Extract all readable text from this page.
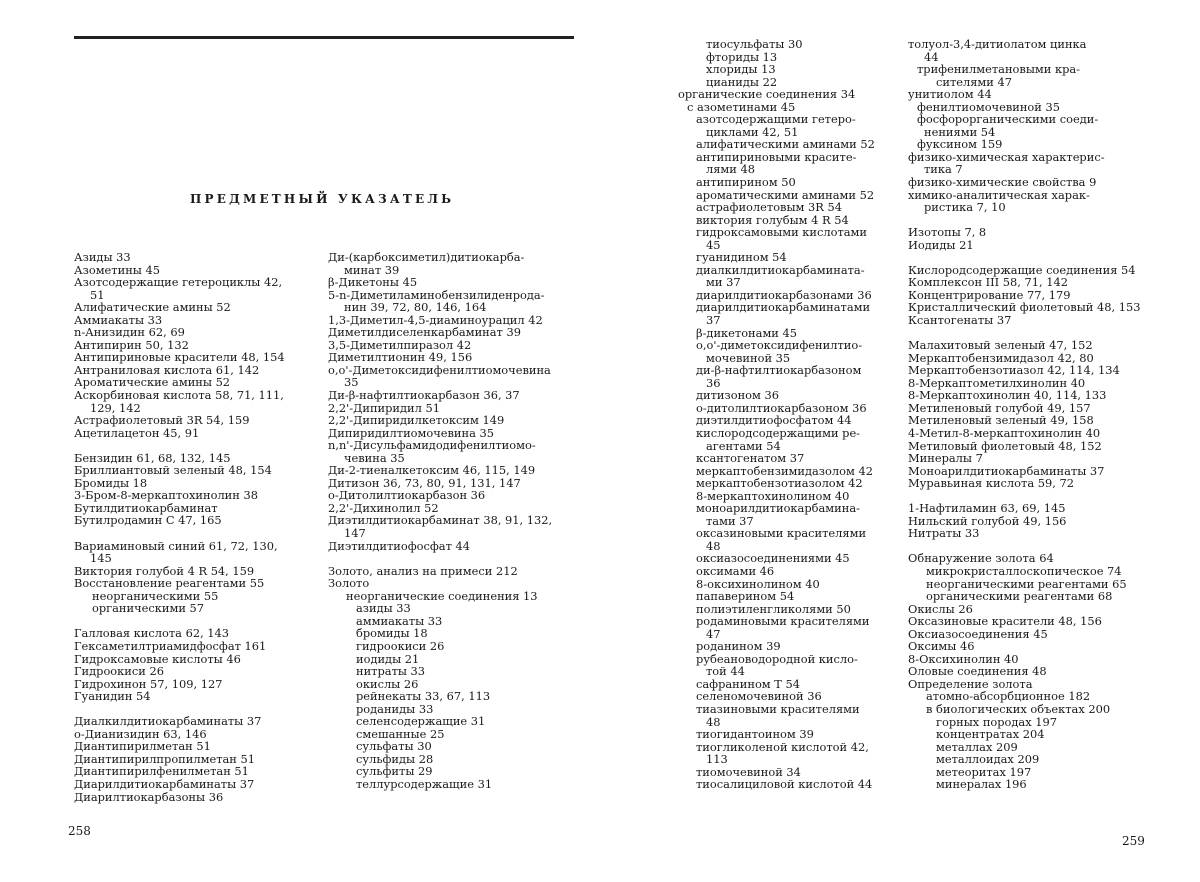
ПРЕДМЕТНЫЙ УКАЗАТЕЛЬ
Азиды 33
Азометины 45
Азотсодержащие гетероциклы 42,
51
Алифатические амины 52
Аммиакаты 33
n-Анизидин 62, 69
Антипирин 50, 132
Антипириновые красители 48, 154
Антраниловая кислота 61, 142
Ароматические амины 52
Аскорбиновая кислота 58, 71, 111,
129, 142
Астрафиолетовый 3R 54, 159
Ацетилацетон 45, 91
Бензидин 61, 68, 132, 145
Бриллиантовый зеленый 48, 154
Бромиды 18
3-Бром-8-меркаптохинолин 38
Бутилдитиокарбаминат
Бутилродамин С 47, 165
Вариаминовый синий 61, 72, 130,
145
Виктория голубой 4 R 54, 159
Восстановление реагентами 55
неорганическими 55
органическими 57
Галловая кислота 62, 143
Гексаметилтриамидфосфат 161
Гидроксамовые кислоты 46
Гидроокиси 26
Гидрохинон 57, 109, 127
Гуанидин 54
Диалкилдитиокарбаминаты 37
o-Дианизидин 63, 146
Диантипирилметан 51
Диантипирилпропилметан 51
Диантипирилфенилметан 51
Диарилдитиокарбаминаты 37
Диарилтиокарбазоны 36
Ди-(карбоксиметил)дитиокарба-
минат 39
β-Дикетоны 45
5-n-Диметиламинобензилиденрода-
нин 39, 72, 80, 146, 164
1,3-Диметил-4,5-диаминоурацил 42
Диметилдиселенкарбаминат 39
3,5-Диметилпиразол 42
Диметилтионин 49, 156
o,o'-Диметоксидифенилтиомочевина
35
Ди-β-нафтилтиокарбазон 36, 37
2,2'-Дипиридил 51
2,2'-Дипиридилкетоксим 149
Дипиридилтиомочевина 35
n,n'-Дисульфамидодифенилтиомо-
чевина 35
Ди-2-тиеналкетоксим 46, 115, 149
Дитизон 36, 73, 80, 91, 131, 147
o-Дитолилтиокарбазон 36
2,2'-Дихинолил 52
Диэтилдитиокарбаминат 38, 91, 132,
147
Диэтилдитиофосфат 44
Золото, анализ на примеси 212
Золото
неорганические соединения 13
азиды 33
аммиакаты 33
бромиды 18
гидроокиси 26
иодиды 21
нитраты 33
окислы 26
рейнекаты 33, 67, 113
роданиды 33
селенсодержащие 31
смешанные 25
сульфаты 30
сульфиды 28
сульфиты 29
теллурсодержащие 31
258
тиосульфаты 30
фториды 13
хлориды 13
цианиды 22
органические соединения 34
с азометинами 45
азотсодержащими гетеро-
циклами 42, 51
алифатическими аминами 52
антипириновыми красите-
лями 48
антипирином 50
ароматическими аминами 52
астрафиолетовым 3R 54
виктория голубым 4 R 54
гидроксамовыми кислотами
45
гуанидином 54
диалкилдитиокарбамината-
ми 37
диарилдитиокарбазонами 36
диарилдитиокарбаминатами
37
β-дикетонами 45
o,o'-диметоксидифенилтио-
мочевиной 35
ди-β-нафтилтиокарбазоном
36
дитизоном 36
o-дитолилтиокарбазоном 36
диэтилдитиофосфатом 44
кислородсодержащими ре-
агентами 54
ксантогенатом 37
меркаптобензимидазолом 42
меркаптобензотиазолом 42
8-меркаптохинолином 40
моноарилдитиокарбамина-
тами 37
оксазиновыми красителями
48
оксиазосоединениями 45
оксимами 46
8-оксихинолином 40
папаверином 54
полиэтиленгликолями 50
родаминовыми красителями
47
роданином 39
рубеановодородной кисло-
той 44
сафранином Т 54
селеномочевиной 36
тиазиновыми красителями
48
тиогидантоином 39
тиогликоленой кислотой 42,
113
тиомочевиной 34
тиосалициловой кислотой 44
толуол-3,4-дитиолатом цинка
44
трифенилметановыми кра-
сителями 47
унитиолом 44
фенилтиомочевиной 35
фосфорорганическими соеди-
нениями 54
фуксином 159
физико-химическая характерис-
тика 7
физико-химические свойства 9
химико-аналитическая харак-
ристика 7, 10
Изотопы 7, 8
Иодиды 21
Кислородсодержащие соединения 54
Комплексон III 58, 71, 142
Концентрирование 77, 179
Кристаллический фиолетовый 48, 153
Ксантогенаты 37
Малахитовый зеленый 47, 152
Меркаптобензимидазол 42, 80
Меркаптобензотиазол 42, 114, 134
8-Меркаптометилхинолин 40
8-Меркаптохинолин 40, 114, 133
Метиленовый голубой 49, 157
Метиленовый зеленый 49, 158
4-Метил-8-меркаптохинолин 40
Метиловый фиолетовый 48, 152
Минералы 7
Моноарилдитиокарбаминаты 37
Муравьиная кислота 59, 72
1-Нафтиламин 63, 69, 145
Нильский голубой 49, 156
Нитраты 33
Обнаружение золота 64
микрокристаллоскопическое 74
неорганическими реагентами 65
органическими реагентами 68
Окислы 26
Оксазиновые красители 48, 156
Оксиазосоединения 45
Оксимы 46
8-Оксихинолин 40
Оловые соединения 48
Определение золота
атомно-абсорбционное 182
в биологических объектах 200
горных породах 197
концентратах 204
металлах 209
металлоидах 209
метеоритах 197
минералах 196
259
